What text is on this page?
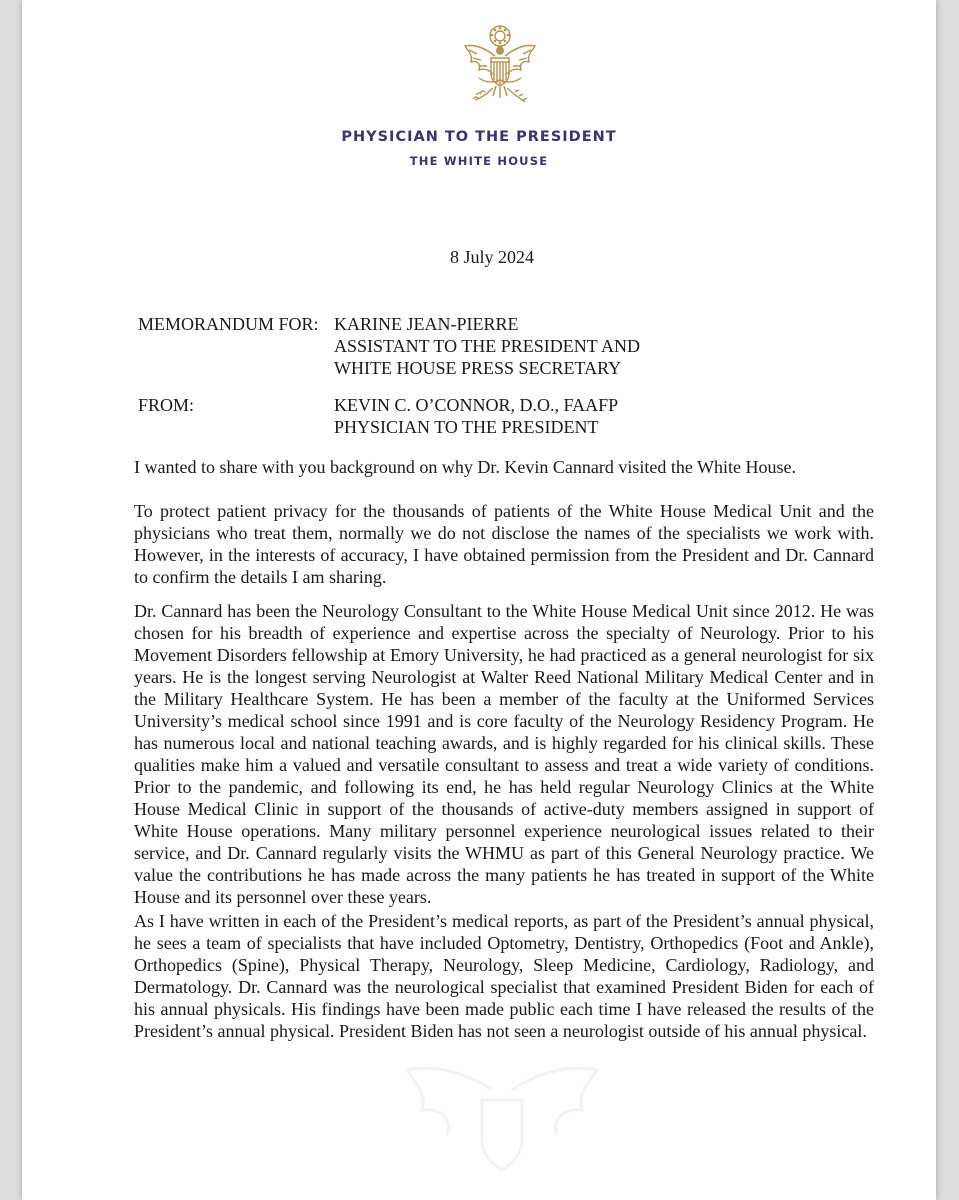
PHYSICIAN TO THE PRESIDENT
THE WHITE HOUSE
8 July 2024
MEMORANDUM FOR: KARINE JEAN-PIERRE
ASSISTANT TO THE PRESIDENT AND
WHITE HOUSE PRESS SECRETARY
FROM:	KEVIN C. O’CONNOR, D.O., FAAFP
PHYSICIAN TO THE PRESIDENT

I wanted to share with you background on why Dr. Kevin Cannard visited the White House.

To protect patient privacy for the thousands of patients of the White House Medical Unit and the physicians who treat them, normally we do not disclose the names of the specialists we work with. However, in the interests of accuracy, I have obtained permission from the President and Dr. Cannard to confirm the details I am sharing.

Dr. Cannard has been the Neurology Consultant to the White House Medical Unit since 2012. He was chosen for his breadth of experience and expertise across the specialty of Neurology. Prior to his Movement Disorders fellowship at Emory University, he had practiced as a general neurologist for six years. He is the longest serving Neurologist at Walter Reed National Military Medical Center and in the Military Healthcare System. He has been a member of the faculty at the Uniformed Services University’s medical school since 1991 and is core faculty of the Neurology Residency Program. He has numerous local and national teaching awards, and is highly regarded for his clinical skills. These qualities make him a valued and versatile consultant to assess and treat a wide variety of conditions. Prior to the pandemic, and following its end, he has held regular Neurology Clinics at the White House Medical Clinic in support of the thousands of active-duty members assigned in support of White House operations. Many military personnel experience neurological issues related to their service, and Dr. Cannard regularly visits the WHMU as part of this General Neurology practice. We value the contributions he has made across the many patients he has treated in support of the White House and its personnel over these years.

As I have written in each of the President’s medical reports, as part of the President’s annual physical, he sees a team of specialists that have included Optometry, Dentistry, Orthopedics (Foot and Ankle), Orthopedics (Spine), Physical Therapy, Neurology, Sleep Medicine, Cardiology, Radiology, and Dermatology. Dr. Cannard was the neurological specialist that examined President Biden for each of his annual physicals. His findings have been made public each time I have released the results of the President’s annual physical. President Biden has not seen a neurologist outside of his annual physical.
